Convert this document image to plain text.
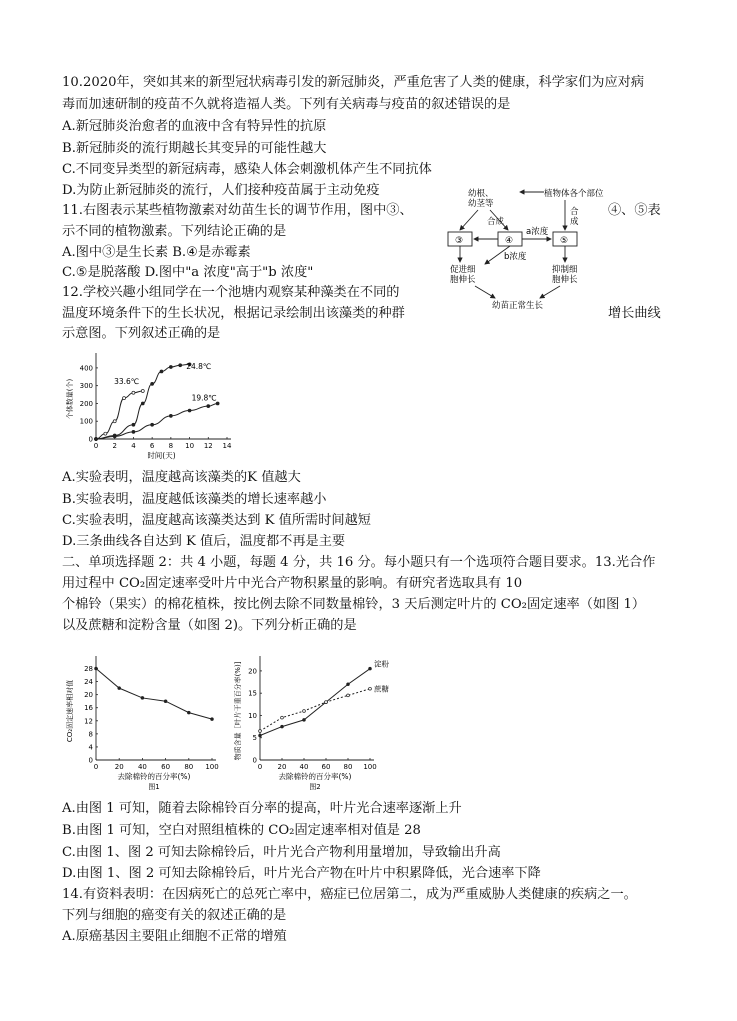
10.2020年，突如其来的新型冠状病毒引发的新冠肺炎，严重危害了人类的健康，科学家们为应对病
毒而加速研制的疫苗不久就将造福人类。下列有关病毒与疫苗的叙述错误的是
A.新冠肺炎治愈者的血液中含有特异性的抗原
B.新冠肺炎的流行期越长其变异的可能性越大
C.不同变异类型的新冠病毒，感染人体会刺激机体产生不同抗体
D.为防止新冠肺炎的流行，人们接种疫苗属于主动免疫
11.右图表示某些植物激素对幼苗生长的调节作用，图中③、	④、⑤表
示不同的植物激素。下列结论正确的是
A.图中③是生长素 B.④是赤霉素
C.⑤是脱落酸 D.图中"a 浓度"高于"b 浓度"
幼根、
幼茎等
植物体各个部位
合成
合
成
③	④	⑤
a浓度
b浓度
促进细
胞伸长
抑制细
胞伸长
幼苗正常生长
12.学校兴趣小组同学在一个池塘内观察某种藻类在不同的
温度环境条件下的生长状况，根据记录绘制出该藻类的种群	增长曲线
示意图。下列叙述正确的是
0 2 4 6 8 10 12 14
0
100
200
300
400
时间(天)
个体数量(个)	33.6℃
24.8℃
19.8℃
A.实验表明，温度越高该藻类的K 值越大
B.实验表明，温度越低该藻类的增长速率越小
C.实验表明，温度越高该藻类达到 K 值所需时间越短
D.三条曲线各自达到 K 值后，温度都不再是主要
二、单项选择题 2：共 4 小题，每题 4 分，共 16 分。每小题只有一个选项符合题目要求。13.光合作
用过程中 CO₂固定速率受叶片中光合产物积累量的影响。有研究者选取具有 10
个棉铃（果实）的棉花植株，按比例去除不同数量棉铃，3 天后测定叶片的 CO₂固定速率（如图 1）
以及蔗糖和淀粉含量（如图 2)。下列分析正确的是
0 20 40 60 80 100
0
4
8
12
16
20
24
28
去除棉铃的百分率(%)
CO₂固定速率相对值
图1
0 20 40 60 80 100
0
5
10
15
20
去除棉铃的百分率(%)
物质含量［叶片干重百分率(%)]
图2
淀粉
蔗糖
A.由图 1 可知，随着去除棉铃百分率的提高，叶片光合速率逐渐上升
B.由图 1 可知，空白对照组植株的 CO₂固定速率相对值是 28
C.由图 1、图 2 可知去除棉铃后，叶片光合产物利用量增加，导致输出升高
D.由图 1、图 2 可知去除棉铃后，叶片光合产物在叶片中积累降低，光合速率下降
14.有资料表明：在因病死亡的总死亡率中，癌症已位居第二，成为严重威胁人类健康的疾病之一。
下列与细胞的癌变有关的叙述正确的是
A.原癌基因主要阻止细胞不正常的增殖
